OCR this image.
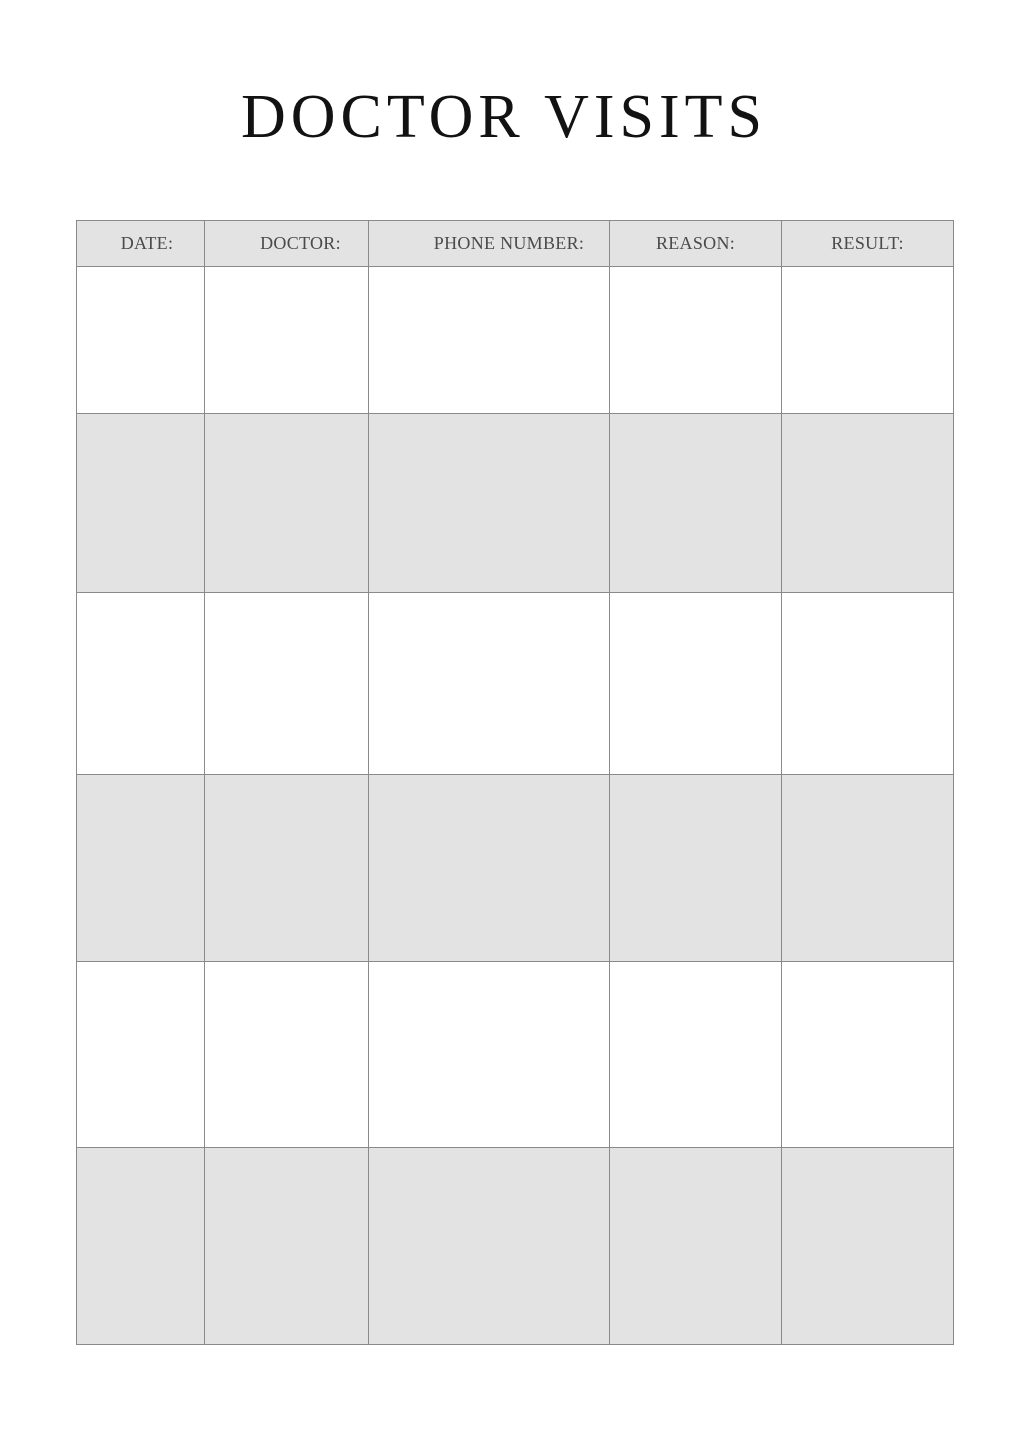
DOCTOR VISITS
DATE:	DOCTOR:	PHONE NUMBER:	REASON:	RESULT:
